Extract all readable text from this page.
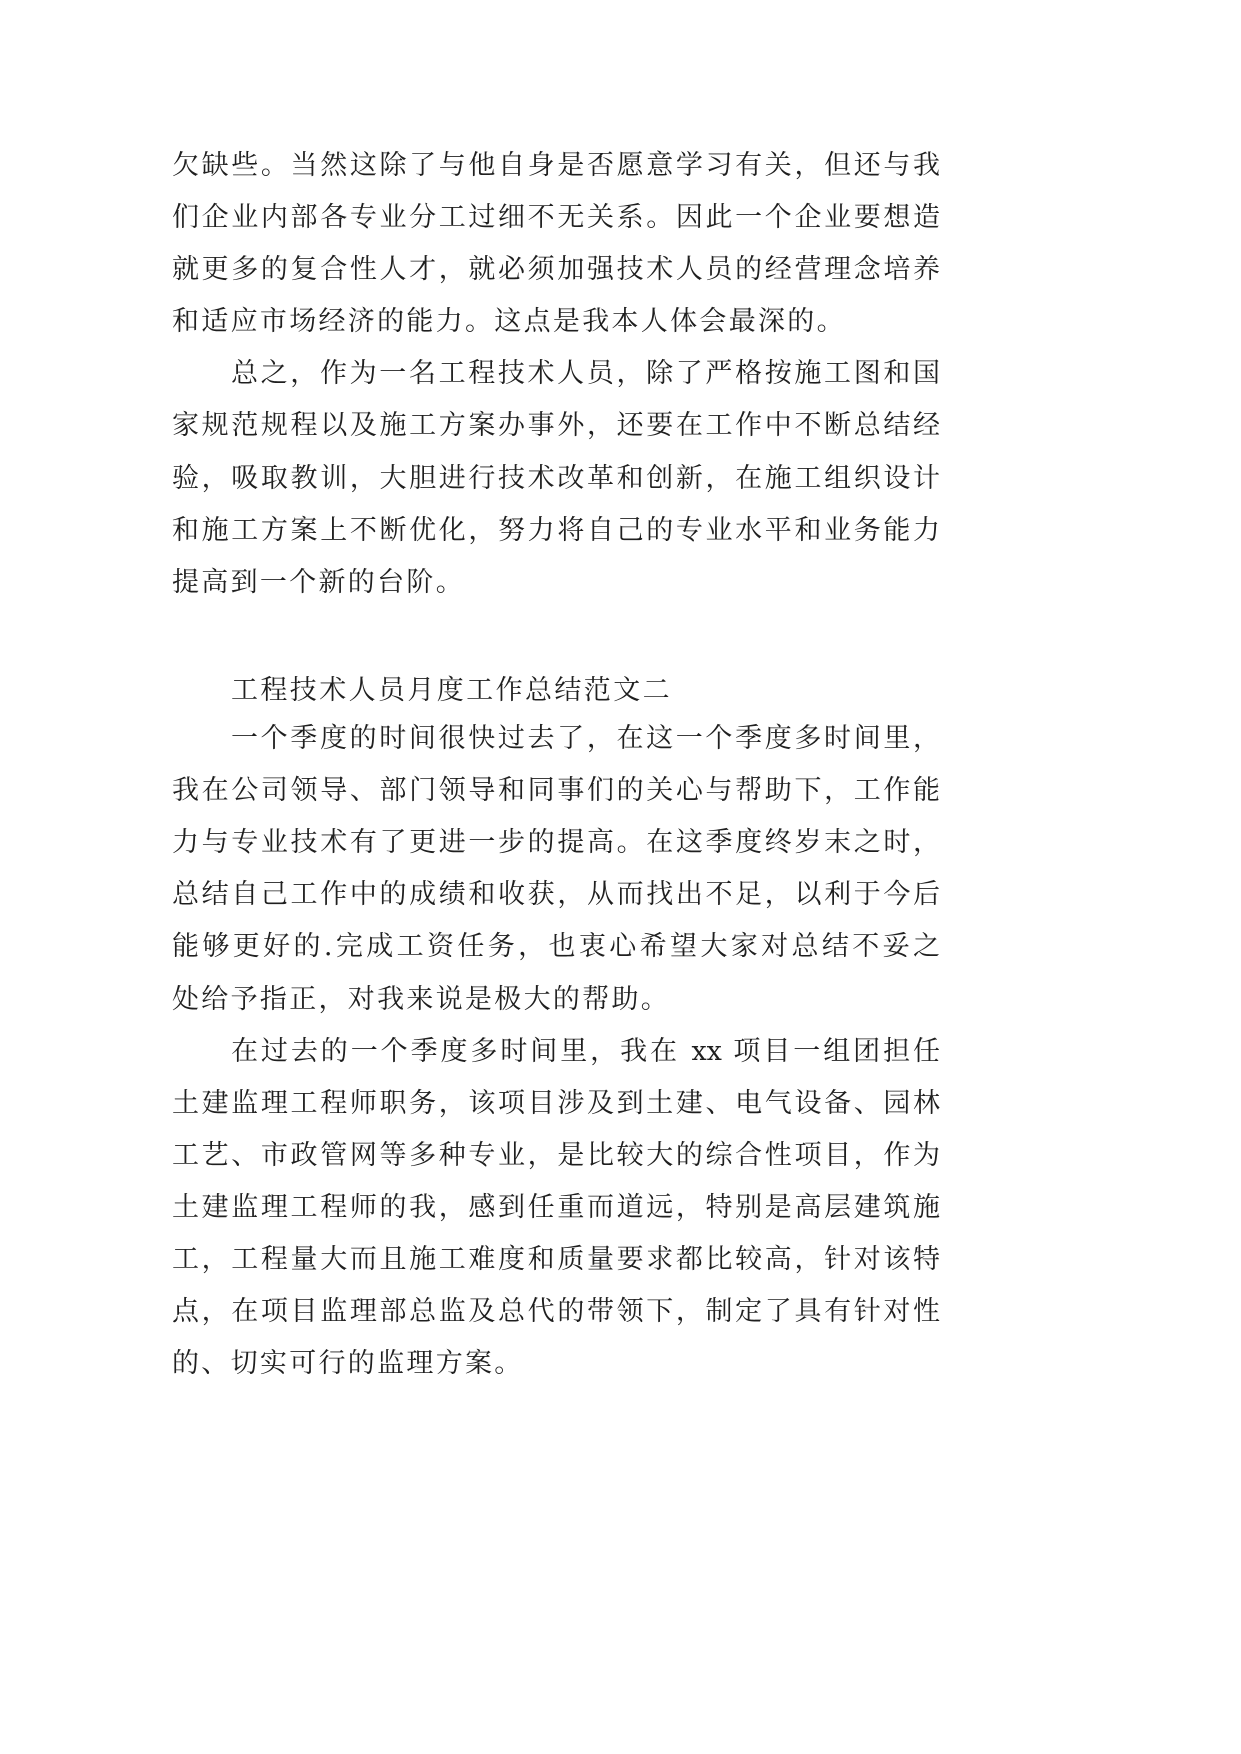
欠缺些。当然这除了与他自身是否愿意学习有关，但还与我
们企业内部各专业分工过细不无关系。因此一个企业要想造
就更多的复合性人才，就必须加强技术人员的经营理念培养
和适应市场经济的能力。这点是我本人体会最深的。
总之，作为一名工程技术人员，除了严格按施工图和国
家规范规程以及施工方案办事外，还要在工作中不断总结经
验，吸取教训，大胆进行技术改革和创新，在施工组织设计
和施工方案上不断优化，努力将自己的专业水平和业务能力
提高到一个新的台阶。
工程技术人员月度工作总结范文二
一个季度的时间很快过去了，在这一个季度多时间里，
我在公司领导、部门领导和同事们的关心与帮助下，工作能
力与专业技术有了更进一步的提高。在这季度终岁末之时，
总结自己工作中的成绩和收获，从而找出不足，以利于今后
能够更好的.完成工资任务，也衷心希望大家对总结不妥之
处给予指正，对我来说是极大的帮助。
在过去的一个季度多时间里，我在 xx 项目一组团担任
土建监理工程师职务，该项目涉及到土建、电气设备、园林
工艺、市政管网等多种专业，是比较大的综合性项目，作为
土建监理工程师的我，感到任重而道远，特别是高层建筑施
工，工程量大而且施工难度和质量要求都比较高，针对该特
点，在项目监理部总监及总代的带领下，制定了具有针对性
的、切实可行的监理方案。
